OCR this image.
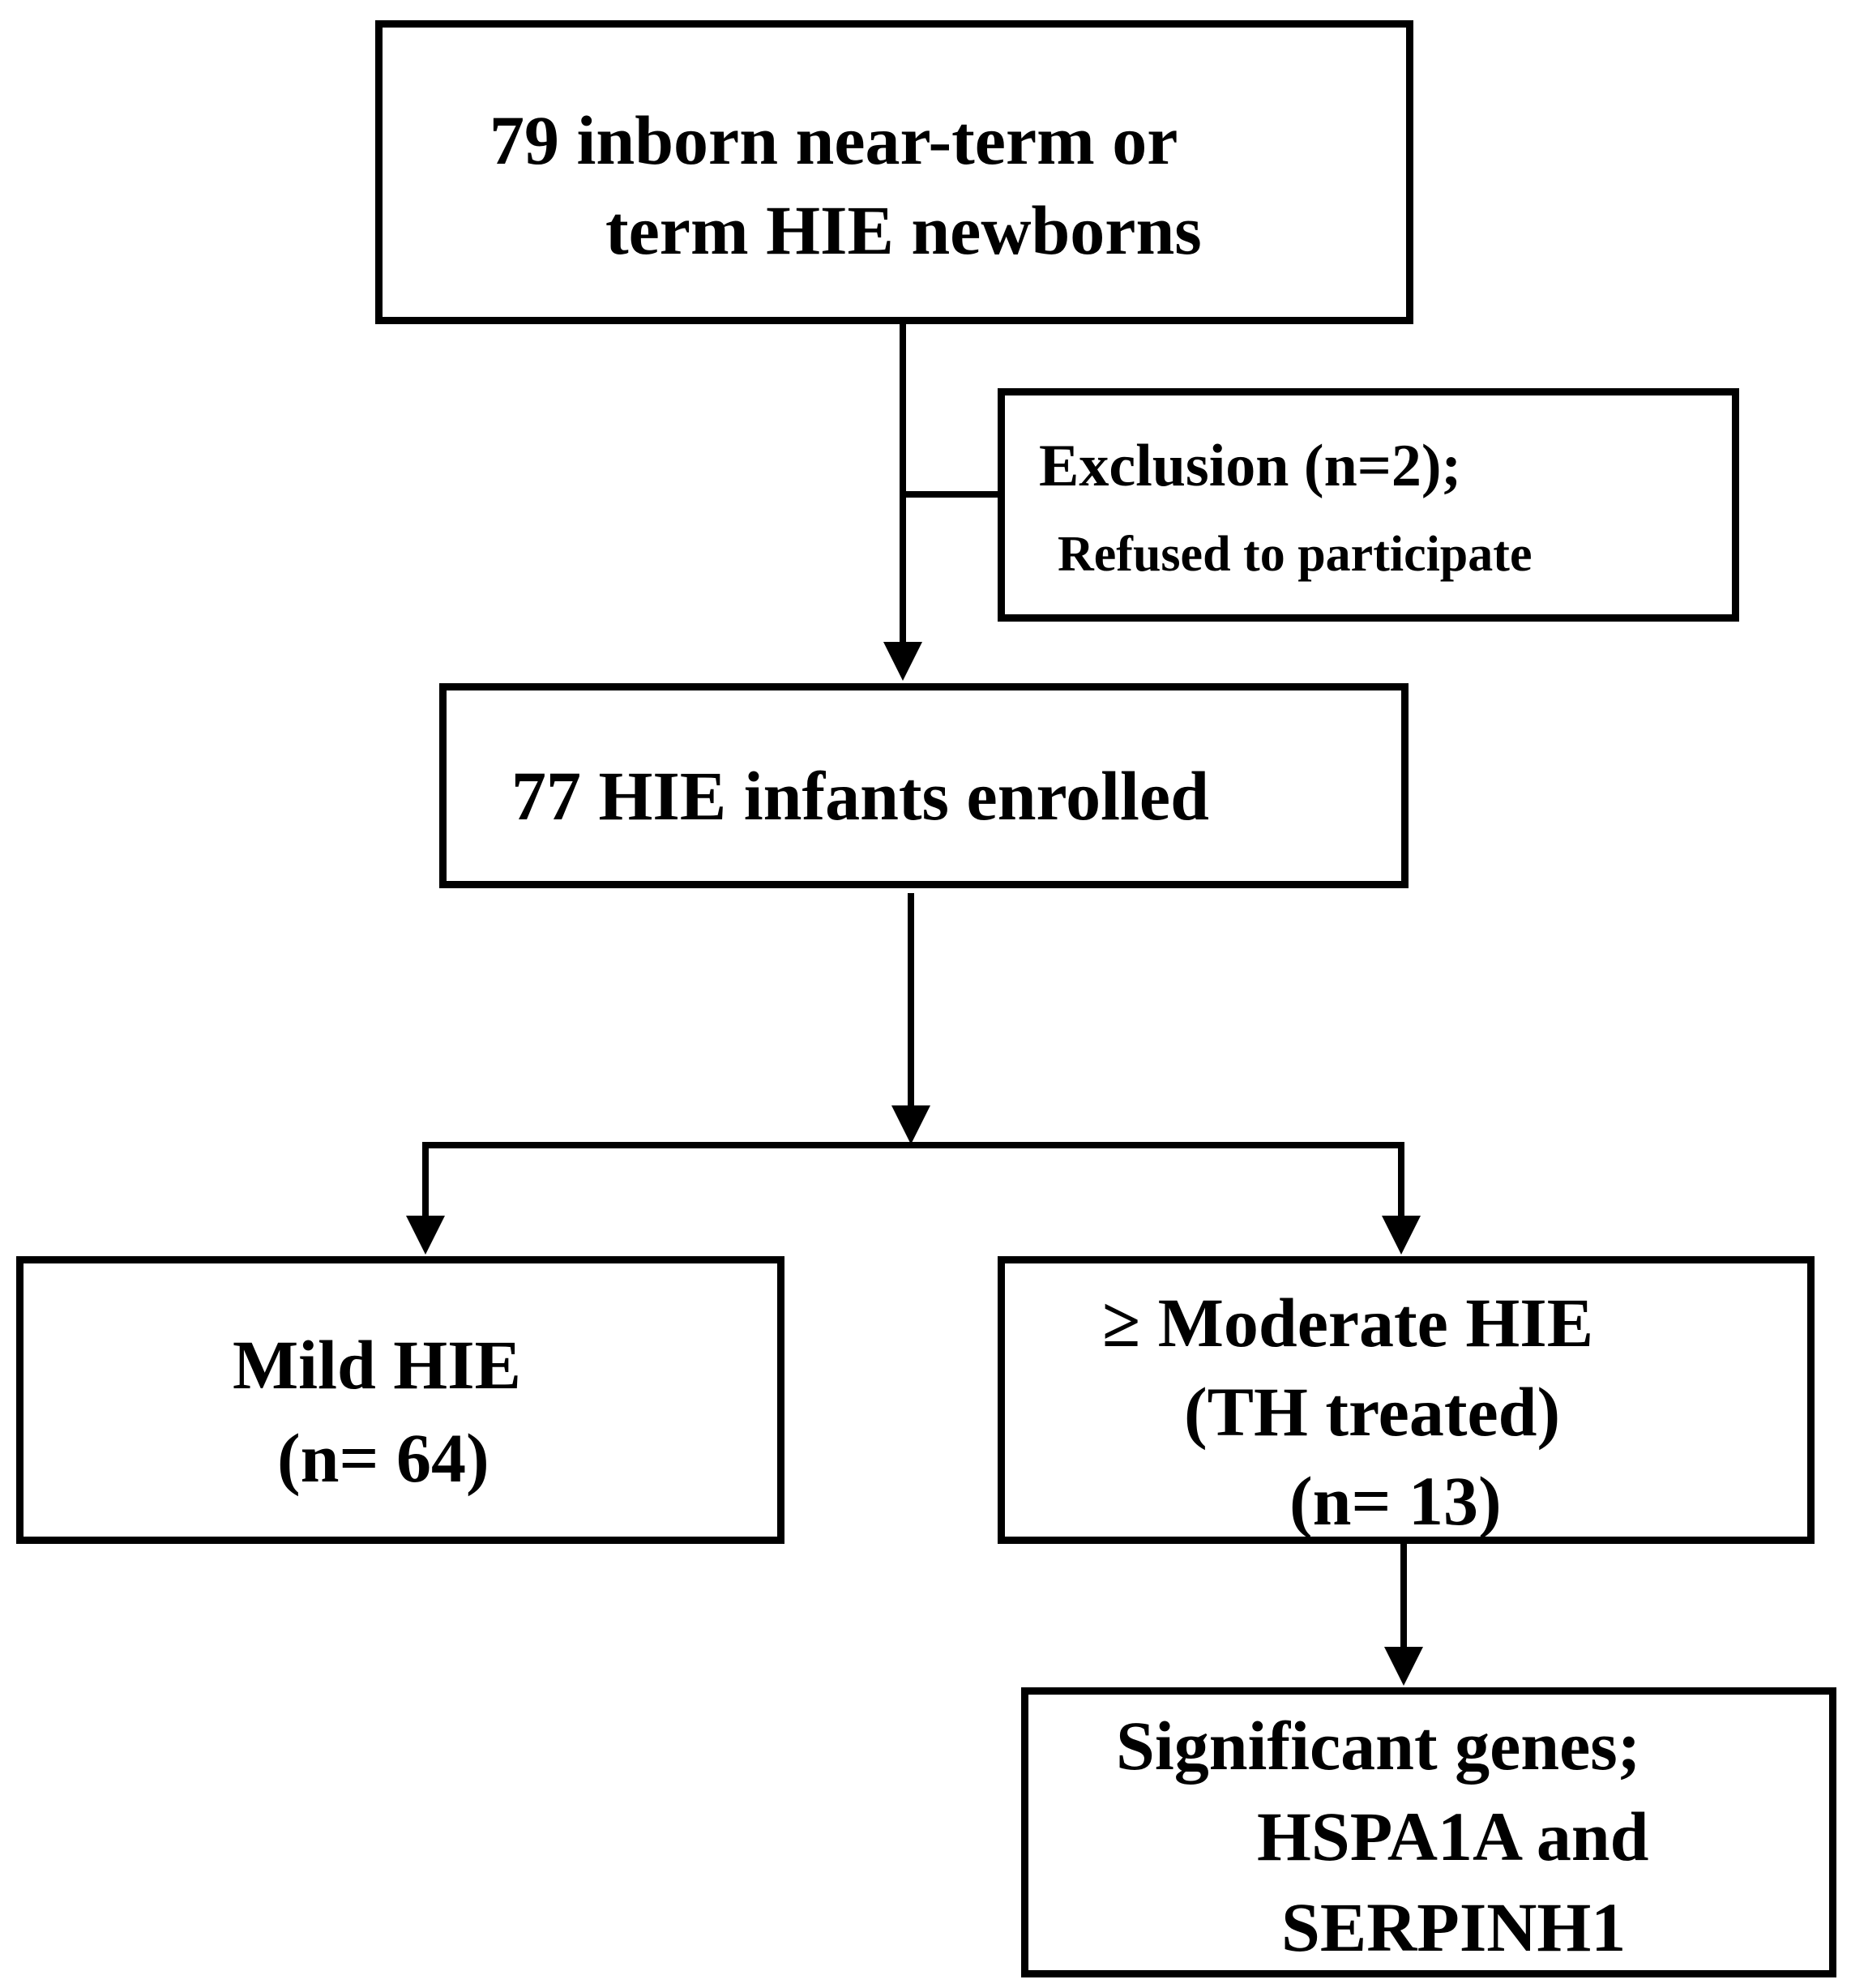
79 inborn near-term or
term HIE newborns
Exclusion (n=2);
Refused to participate
77 HIE infants enrolled
Mild HIE
(n= 64)
≥ Moderate HIE
(TH treated)
(n= 13)
Significant genes;
HSPA1A and
SERPINH1
